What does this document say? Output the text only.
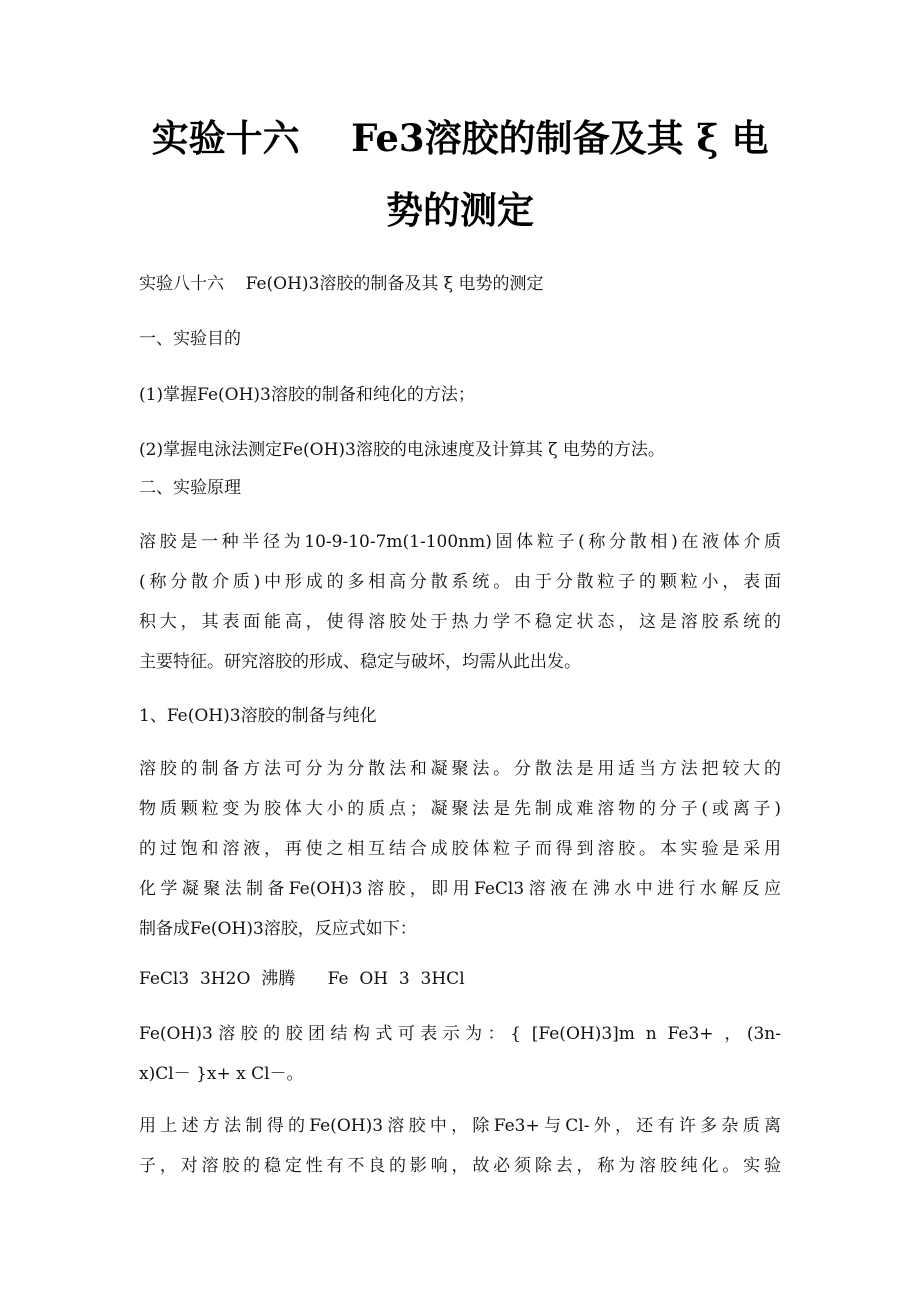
实验十六    Fe3溶胶的制备及其 ξ 电
势的测定
实验八十六    Fe(OH)3溶胶的制备及其 ξ 电势的测定
一、实验目的
(1)掌握Fe(OH)3溶胶的制备和纯化的方法；
(2)掌握电泳法测定Fe(OH)3溶胶的电泳速度及计算其 ζ 电势的方法。
二、实验原理
溶胶是一种半径为10-9-10-7m(1-100nm)固体粒子(称分散相)在液体介质
(称分散介质)中形成的多相高分散系统。由于分散粒子的颗粒小，表面
积大，其表面能高，使得溶胶处于热力学不稳定状态，这是溶胶系统的
主要特征。研究溶胶的形成、稳定与破坏，均需从此出发。
1、Fe(OH)3溶胶的制备与纯化
溶胶的制备方法可分为分散法和凝聚法。分散法是用适当方法把较大的
物质颗粒变为胶体大小的质点；凝聚法是先制成难溶物的分子(或离子)
的过饱和溶液，再使之相互结合成胶体粒子而得到溶胶。本实验是采用
化学凝聚法制备Fe(OH)3溶胶，即用FeCl3溶液在沸水中进行水解反应
制备成Fe(OH)3溶胶，反应式如下：
FeCl3  3H2O  沸腾      Fe  OH  3  3HCl
Fe(OH)3溶胶的胶团结构式可表示为：{ [Fe(OH)3]m n Fe3+ ，(3n-
x)Cl－ }x+ x Cl－。
用上述方法制得的Fe(OH)3溶胶中，除Fe3+与Cl-外，还有许多杂质离
子，对溶胶的稳定性有不良的影响，故必须除去，称为溶胶纯化。实验
